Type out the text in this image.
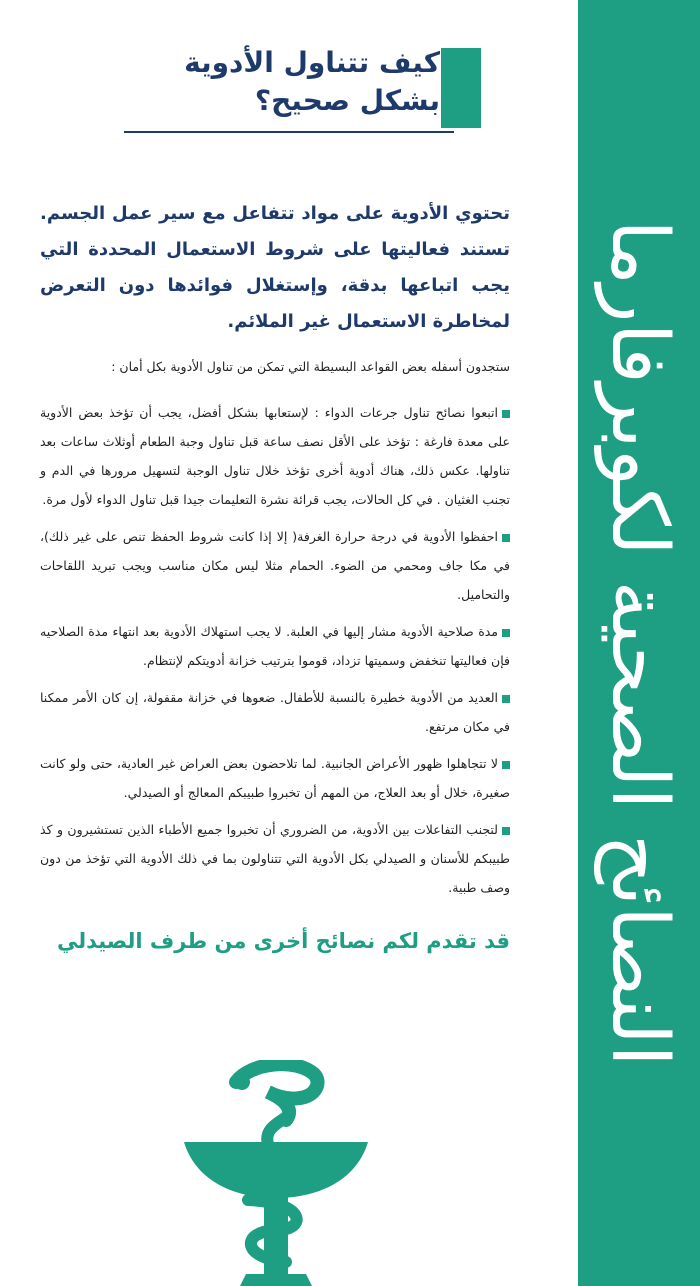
النصائح الصحية لكوبرفارما
كيف تتناول الأدوية
بشكل صحيح؟

تحتوي الأدوية على مواد تتفاعل مع سير عمل الجسم. تستند فعاليتها على شروط الاستعمال المحددة التي يجب اتباعها بدقة، وإستغلال فوائدها دون التعرض لمخاطرة الاستعمال غير الملائم.

ستجدون أسفله بعض القواعد البسيطة التي تمكن من تناول الأدوية بكل أمان :

اتبعوا نصائح تناول جرعات الدواء : لإستعابها بشكل أفضل، يجب أن تؤخذ بعض الأدوية على معدة فارغة : تؤخذ على الأقل نصف ساعة قبل تناول وجبة الطعام أوثلاث ساعات بعد تناولها. عكس ذلك، هناك أدوية أخرى تؤخذ خلال تناول الوجبة لتسهيل مرورها في الدم و تجنب الغثيان . في كل الحالات، يجب قرائة نشرة التعليمات جيدا قبل تناول الدواء لأول مرة.
احفظوا الأدوية في درجة حرارة الغرفة( إلا إذا كانت شروط الحفظ تنص على غير ذلك)، في مكا جاف ومحمي من الضوء. الحمام مثلا ليس مكان مناسب ويجب تبريد اللقاحات والتحاميل.
مدة صلاحية الأدوية مشار إليها في العلبة. لا يجب استهلاك الأدوية بعد انتهاء مدة الصلاحيه فإن فعاليتها تنخفض وسميتها تزداد، قوموا بترتيب خزانة أدويتكم لإنتظام.
العديد من الأدوية خطيرة بالنسبة للأطفال. ضعوها في خزانة مقفولة، إن كان الأمر ممكنا في مكان مرتفع.
لا تتجاهلوا ظهور الأعراض الجانبية. لما تلاحضون بعض العراض غير العادية، حتى ولو كانت صغيرة، خلال أو بعد العلاج، من المهم أن تخبروا طبيبكم المعالج أو الصيدلي.
لتجنب التفاعلات بين الأدوية، من الضروري أن تخبروا جميع الأطباء الذين تستشيرون و كذ طبيبكم للأسنان و الصيدلي بكل الأدوية التي تتناولون بما في ذلك الأدوية التي تؤخذ من دون وصف طبية.

قد تقدم لكم نصائح أخرى من طرف الصيدلي
